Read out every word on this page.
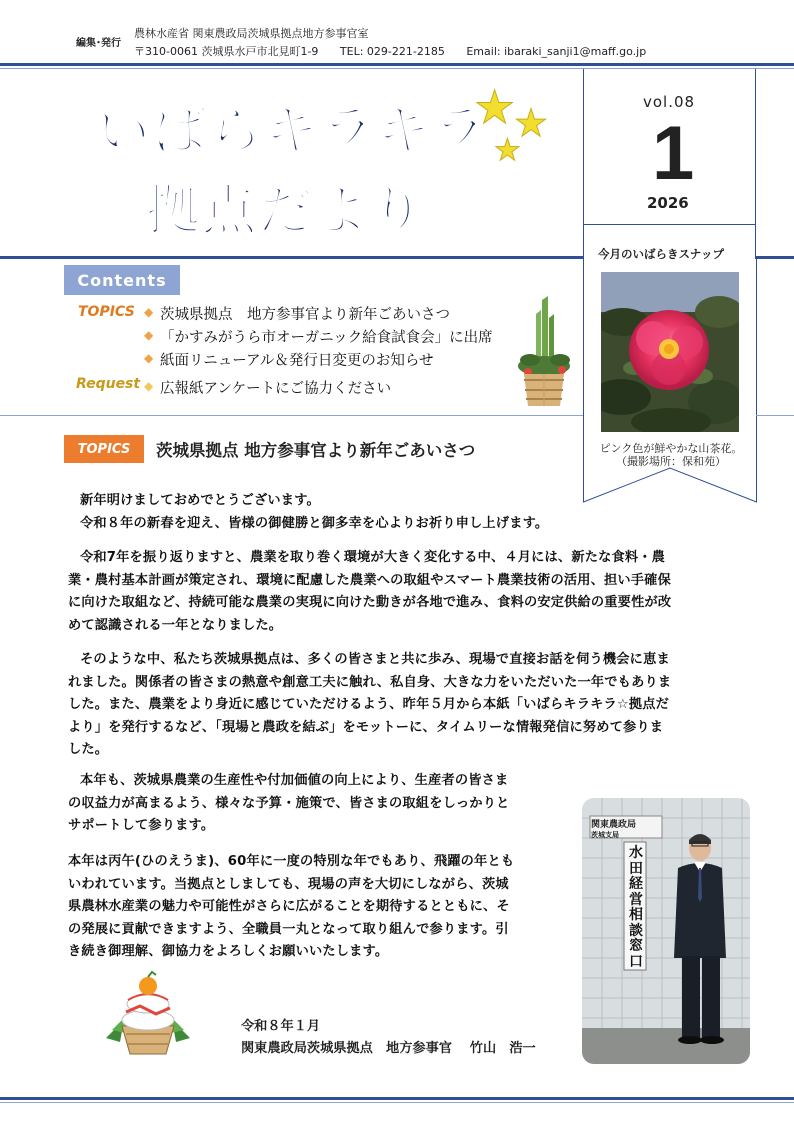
編集･発行
農林水産省 関東農政局茨城県拠点地方参事官室
〒310-0061 茨城県水戸市北見町1-9 TEL: 029-221-2185 Email: ibaraki_sanji1@maff.go.jp
いばらキラキラ
拠点だより
★
★
★
vol.08
1
2026
今月のいばらきスナップ
ピンク色が鮮やかな山茶花。
（撮影場所：保和苑）
Contents
TOPICS
Request
◆ 茨城県拠点　地方参事官より新年ごあいさつ
◆ 「かすみがうら市オーガニック給食試食会」に出席
◆ 紙面リニューアル＆発行日変更のお知らせ
◆ 広報紙アンケートにご協力ください
TOPICS	茨城県拠点 地方参事官より新年ごあいさつ
新年明けましておめでとうございます。
令和８年の新春を迎え、皆様の御健勝と御多幸を心よりお祈り申し上げます。
令和7年を振り返りますと、農業を取り巻く環境が大きく変化する中、４月には、新たな食料・農
業・農村基本計画が策定され、環境に配慮した農業への取組やスマート農業技術の活用、担い手確保
に向けた取組など、持続可能な農業の実現に向けた動きが各地で進み、食料の安定供給の重要性が改
めて認識される一年となりました。
そのような中、私たち茨城県拠点は、多くの皆さまと共に歩み、現場で直接お話を伺う機会に恵ま
れました。関係者の皆さまの熱意や創意工夫に触れ、私自身、大きな力をいただいた一年でもありま
した。また、農業をより身近に感じていただけるよう、昨年５月から本紙「いばらキラキラ☆拠点だ
より」を発行するなど、「現場と農政を結ぶ」をモットーに、タイムリーな情報発信に努めて参りま
した。
本年も、茨城県農業の生産性や付加価値の向上により、生産者の皆さま
の収益力が高まるよう、様々な予算・施策で、皆さまの取組をしっかりと
サポートして参ります。
本年は丙午(ひのえうま)、60年に一度の特別な年でもあり、飛躍の年とも
いわれています。当拠点としましても、現場の声を大切にしながら、茨城
県農林水産業の魅力や可能性がさらに広がることを期待するとともに、そ
の発展に貢献できますよう、全職員一丸となって取り組んで参ります。引
き続き御理解、御協力をよろしくお願いいたします。
令和８年１月
関東農政局茨城県拠点　地方参事官　 竹山　浩一
関東農政局
茨城支局
水田経営相談窓口
